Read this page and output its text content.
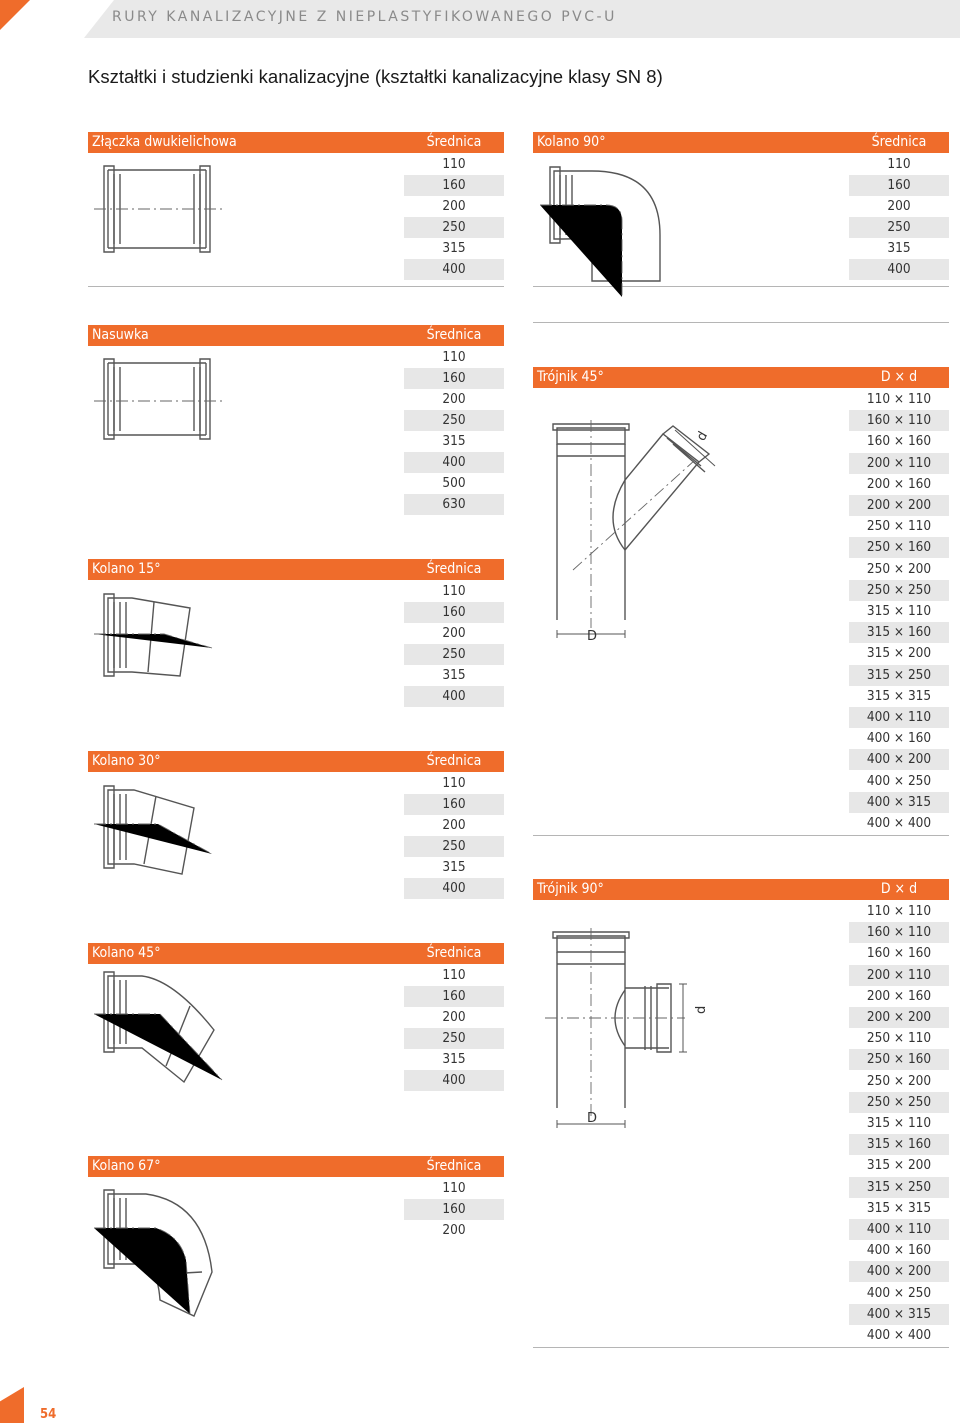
RURY KANALIZACYJNE Z NIEPLASTYFIKOWANEGO PVC-U
Kształtki i studzienki kanalizacyjne (kształtki kanalizacyjne klasy SN 8)
Złączka dwukielichowa	Średnica
110
160
200
250
315
400
Nasuwka	Średnica
110
160
200
250
315
400
500
630
Kolano 15°	Średnica
110
160
200
250
315
400
Kolano 30°	Średnica
110
160
200
250
315
400
Kolano 45°	Średnica
110
160
200
250
315
400
Kolano 67°	Średnica
110
160
200
Kolano 90°	Średnica
110
160
200
250
315
400
Trójnik 45°	D × d
110 × 110
160 × 110
160 × 160
200 × 110
200 × 160
200 × 200
250 × 110
250 × 160
250 × 200
250 × 250
315 × 110
315 × 160
315 × 200
315 × 250
315 × 315
400 × 110
400 × 160
400 × 200
400 × 250
400 × 315
400 × 400
Trójnik 90°	D × d
110 × 110
160 × 110
160 × 160
200 × 110
200 × 160
200 × 200
250 × 110
250 × 160
250 × 200
250 × 250
315 × 110
315 × 160
315 × 200
315 × 250
315 × 315
400 × 110
400 × 160
400 × 200
400 × 250
400 × 315
400 × 400
D
d
D
d
54
